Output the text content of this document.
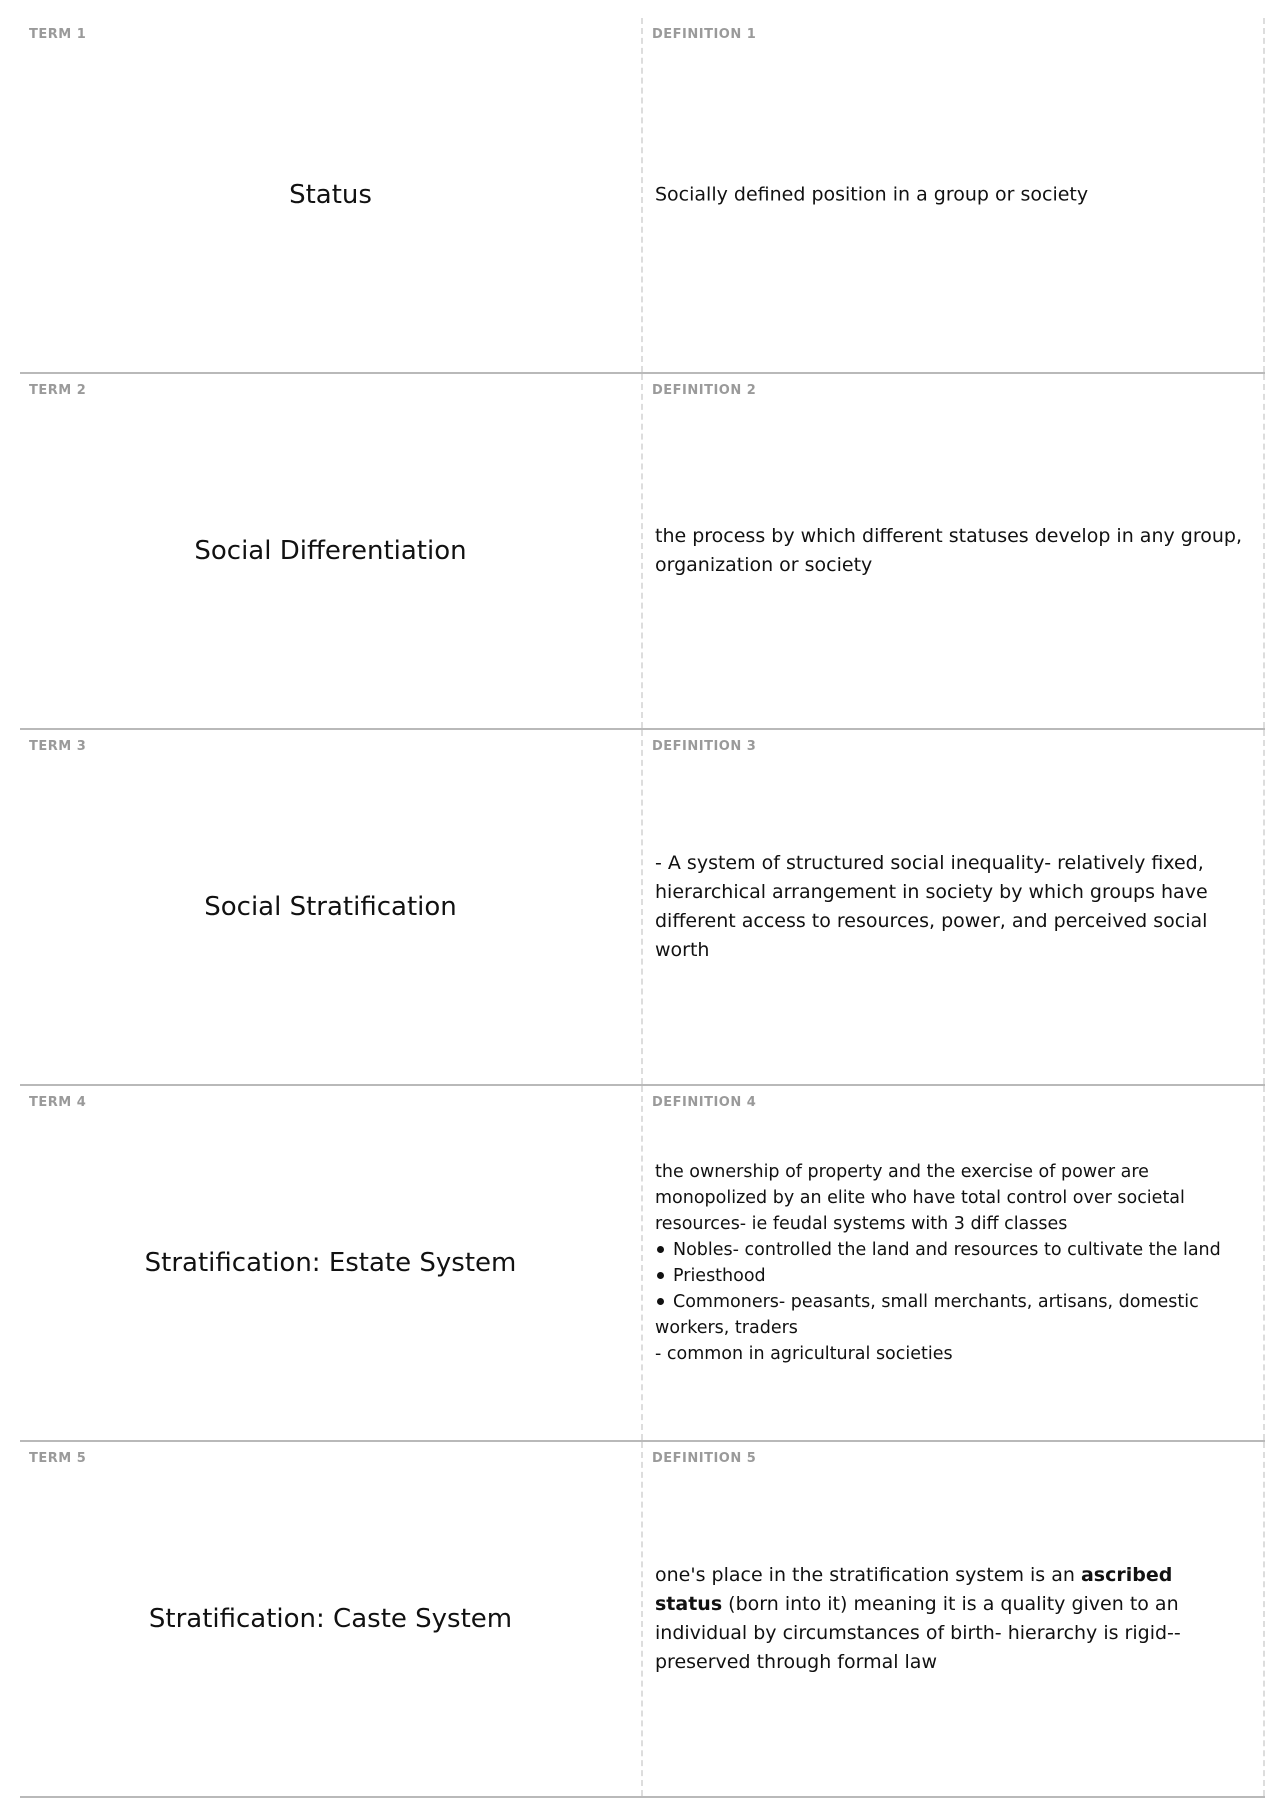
TERM 1
Status
DEFINITION 1

Socially defined position in a group or society

TERM 2
Social Differentiation
DEFINITION 2

the process by which different statuses develop in any group, organization or society

TERM 3
Social Stratification
DEFINITION 3

- A system of structured social inequality- relatively fixed, hierarchical arrangement in society by which groups have different access to resources, power, and perceived social worth

TERM 4
Stratification: Estate System
DEFINITION 4

the ownership of property and the exercise of power are monopolized by an elite who have total control over societal resources- ie feudal systems with 3 diff classes

Nobles- controlled the land and resources to cultivate the land
Priesthood
Commoners- peasants, small merchants, artisans, domestic workers, traders

- common in agricultural societies

TERM 5
Stratification: Caste System
DEFINITION 5

one's place in the stratification system is an ascribed status (born into it) meaning it is a quality given to an individual by circumstances of birth- hierarchy is rigid-- preserved through formal law
